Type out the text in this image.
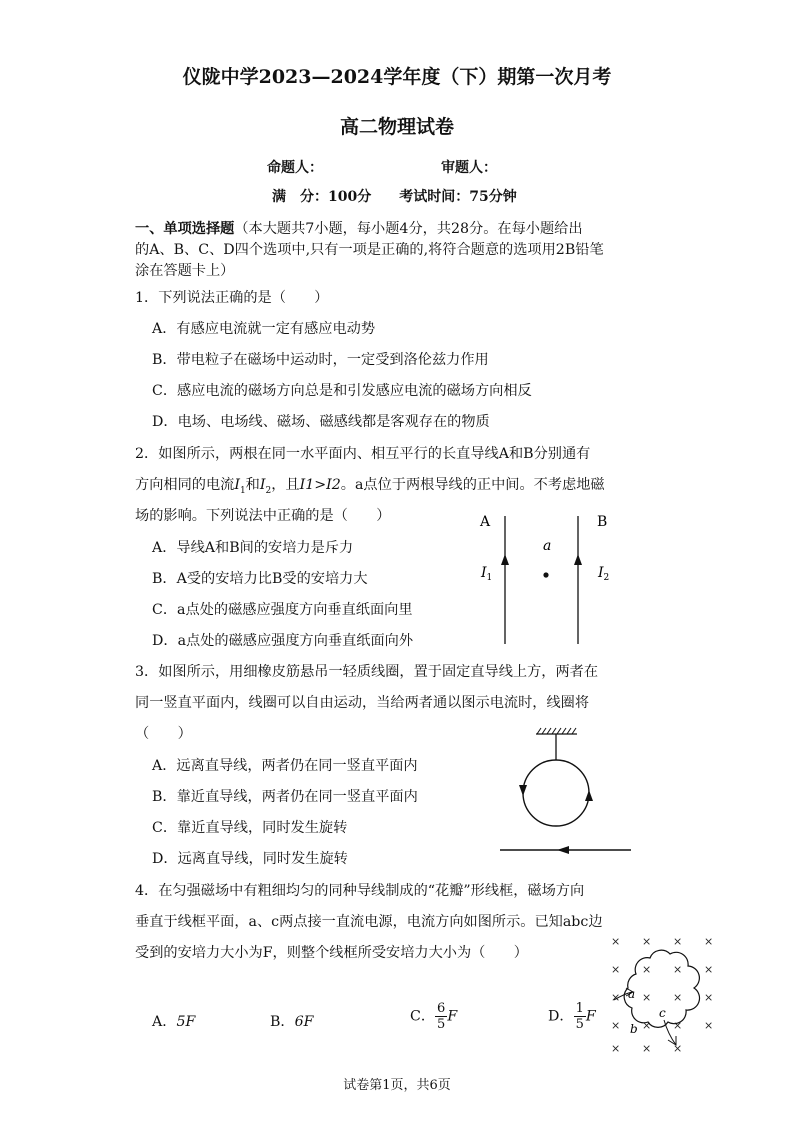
仪陇中学2023—2024学年度（下）期第一次月考
高二物理试卷
命题人：	审题人：
满　分：100分　　考试时间：75分钟
一、单项选择题（本大题共7小题，每小题4分，共28分。在每小题给出
的A、B、C、D四个选项中,只有一项是正确的,将符合题意的选项用2B铅笔
涂在答题卡上）
1．下列说法正确的是（　　）
A．有感应电流就一定有感应电动势
B．带电粒子在磁场中运动时，一定受到洛伦兹力作用
C．感应电流的磁场方向总是和引发感应电流的磁场方向相反
D．电场、电场线、磁场、磁感线都是客观存在的物质
2．如图所示，两根在同一水平面内、相互平行的长直导线A和B分别通有
方向相同的电流$I_1$和$I_2$，且I1>I2。a点位于两根导线的正中间。不考虑地磁
场的影响。下列说法中正确的是（　　）
A．导线A和B间的安培力是斥力
B．A受的安培力比B受的安培力大
C．a点处的磁感应强度方向垂直纸面向里
D．a点处的磁感应强度方向垂直纸面向外
A	B
a
$I_1$	$I_2$
3．如图所示，用细橡皮筋悬吊一轻质线圈，置于固定直导线上方，两者在
同一竖直平面内，线圈可以自由运动，当给两者通以图示电流时，线圈将
（　　）
A．远离直导线，两者仍在同一竖直平面内
B．靠近直导线，两者仍在同一竖直平面内
C．靠近直导线，同时发生旋转
D．远离直导线，同时发生旋转
4．在匀强磁场中有粗细均匀的同种导线制成的“花瓣”形线框，磁场方向
垂直于线框平面，a、c两点接一直流电源，电流方向如图所示。已知abc边
受到的安培力大小为F，则整个线框所受安培力大小为（　　）
A．5F	B．6F	C． $\frac{6}{5}$ F	D． $\frac{1}{5}$ F
× × × ×
× × × ×
× × × ×
× × × ×
× × ×
a
b
c
试卷第1页，共6页
